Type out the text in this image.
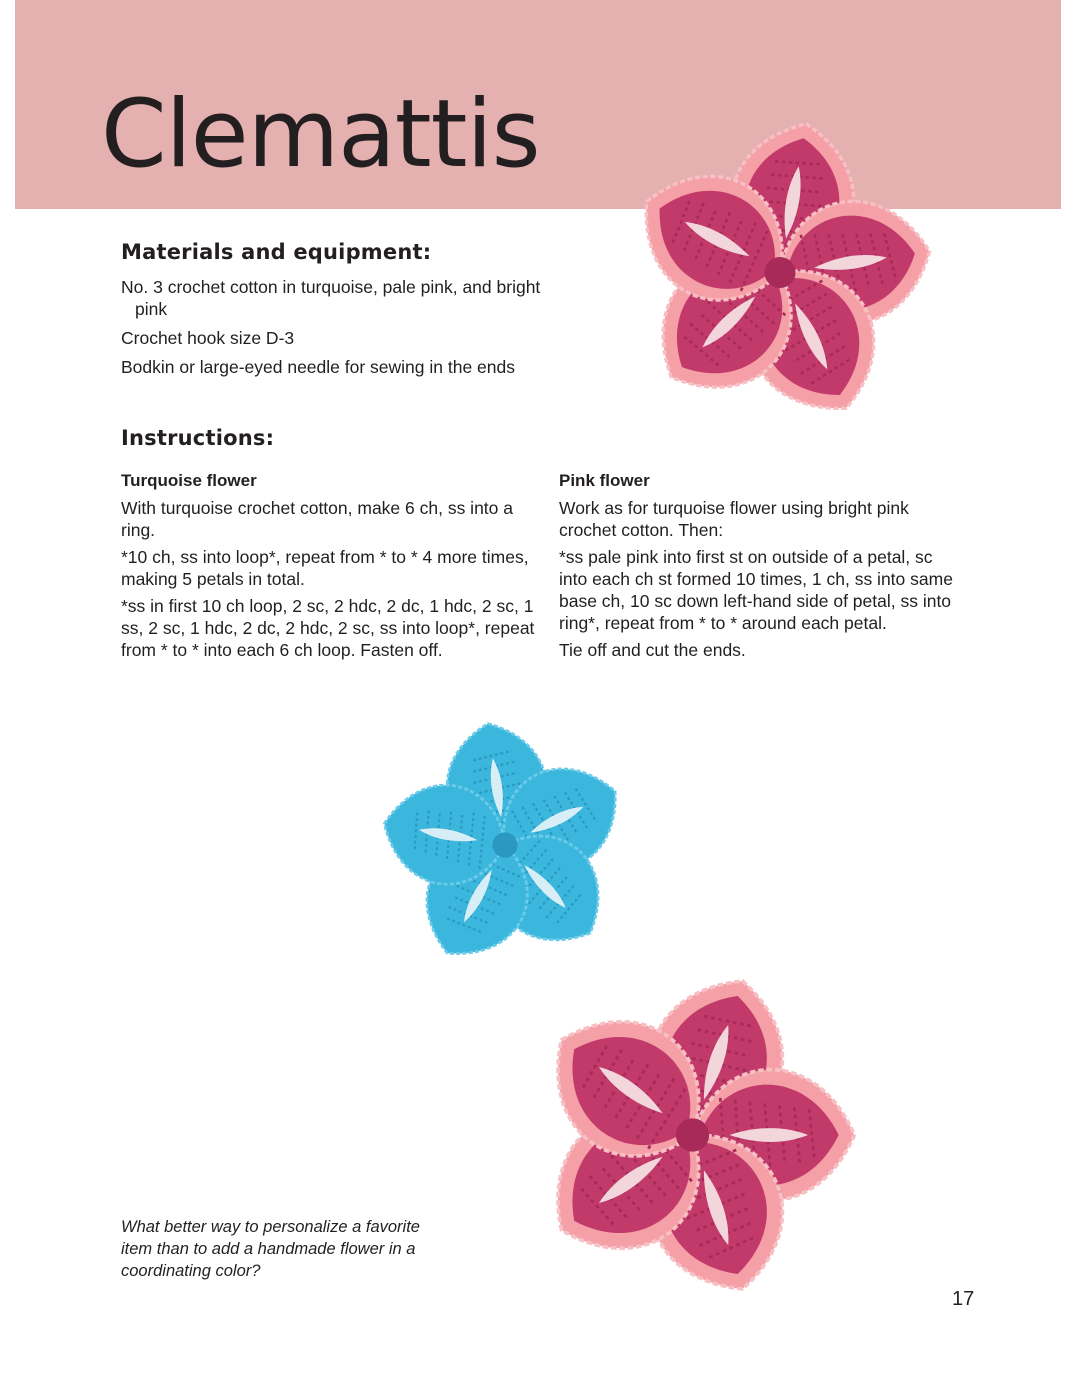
Clemattis
Materials and equipment:
No. 3 crochet cotton in turquoise, pale pink, and bright pink
Crochet hook size D-3
Bodkin or large-eyed needle for sewing in the ends
Instructions:

Turquoise flower

With turquoise crochet cotton, make 6 ch, ss into a ring.

*10 ch, ss into loop*, repeat from * to * 4 more times, making 5 petals in total.

*ss in first 10 ch loop, 2 sc, 2 hdc, 2 dc, 1 hdc, 2 sc, 1 ss, 2 sc, 1 hdc, 2 dc, 2 hdc, 2 sc, ss into loop*, repeat from * to * into each 6 ch loop. Fasten off.

Pink flower

Work as for turquoise flower using bright pink crochet cotton. Then:

*ss pale pink into first st on outside of a petal, sc into each ch st formed 10 times, 1 ch, ss into same base ch, 10 sc down left-hand side of petal, ss into ring*, repeat from * to * around each petal.

Tie off and cut the ends.

What better way to personalize a favorite item than to add a handmade flower in a coordinating color?

17
